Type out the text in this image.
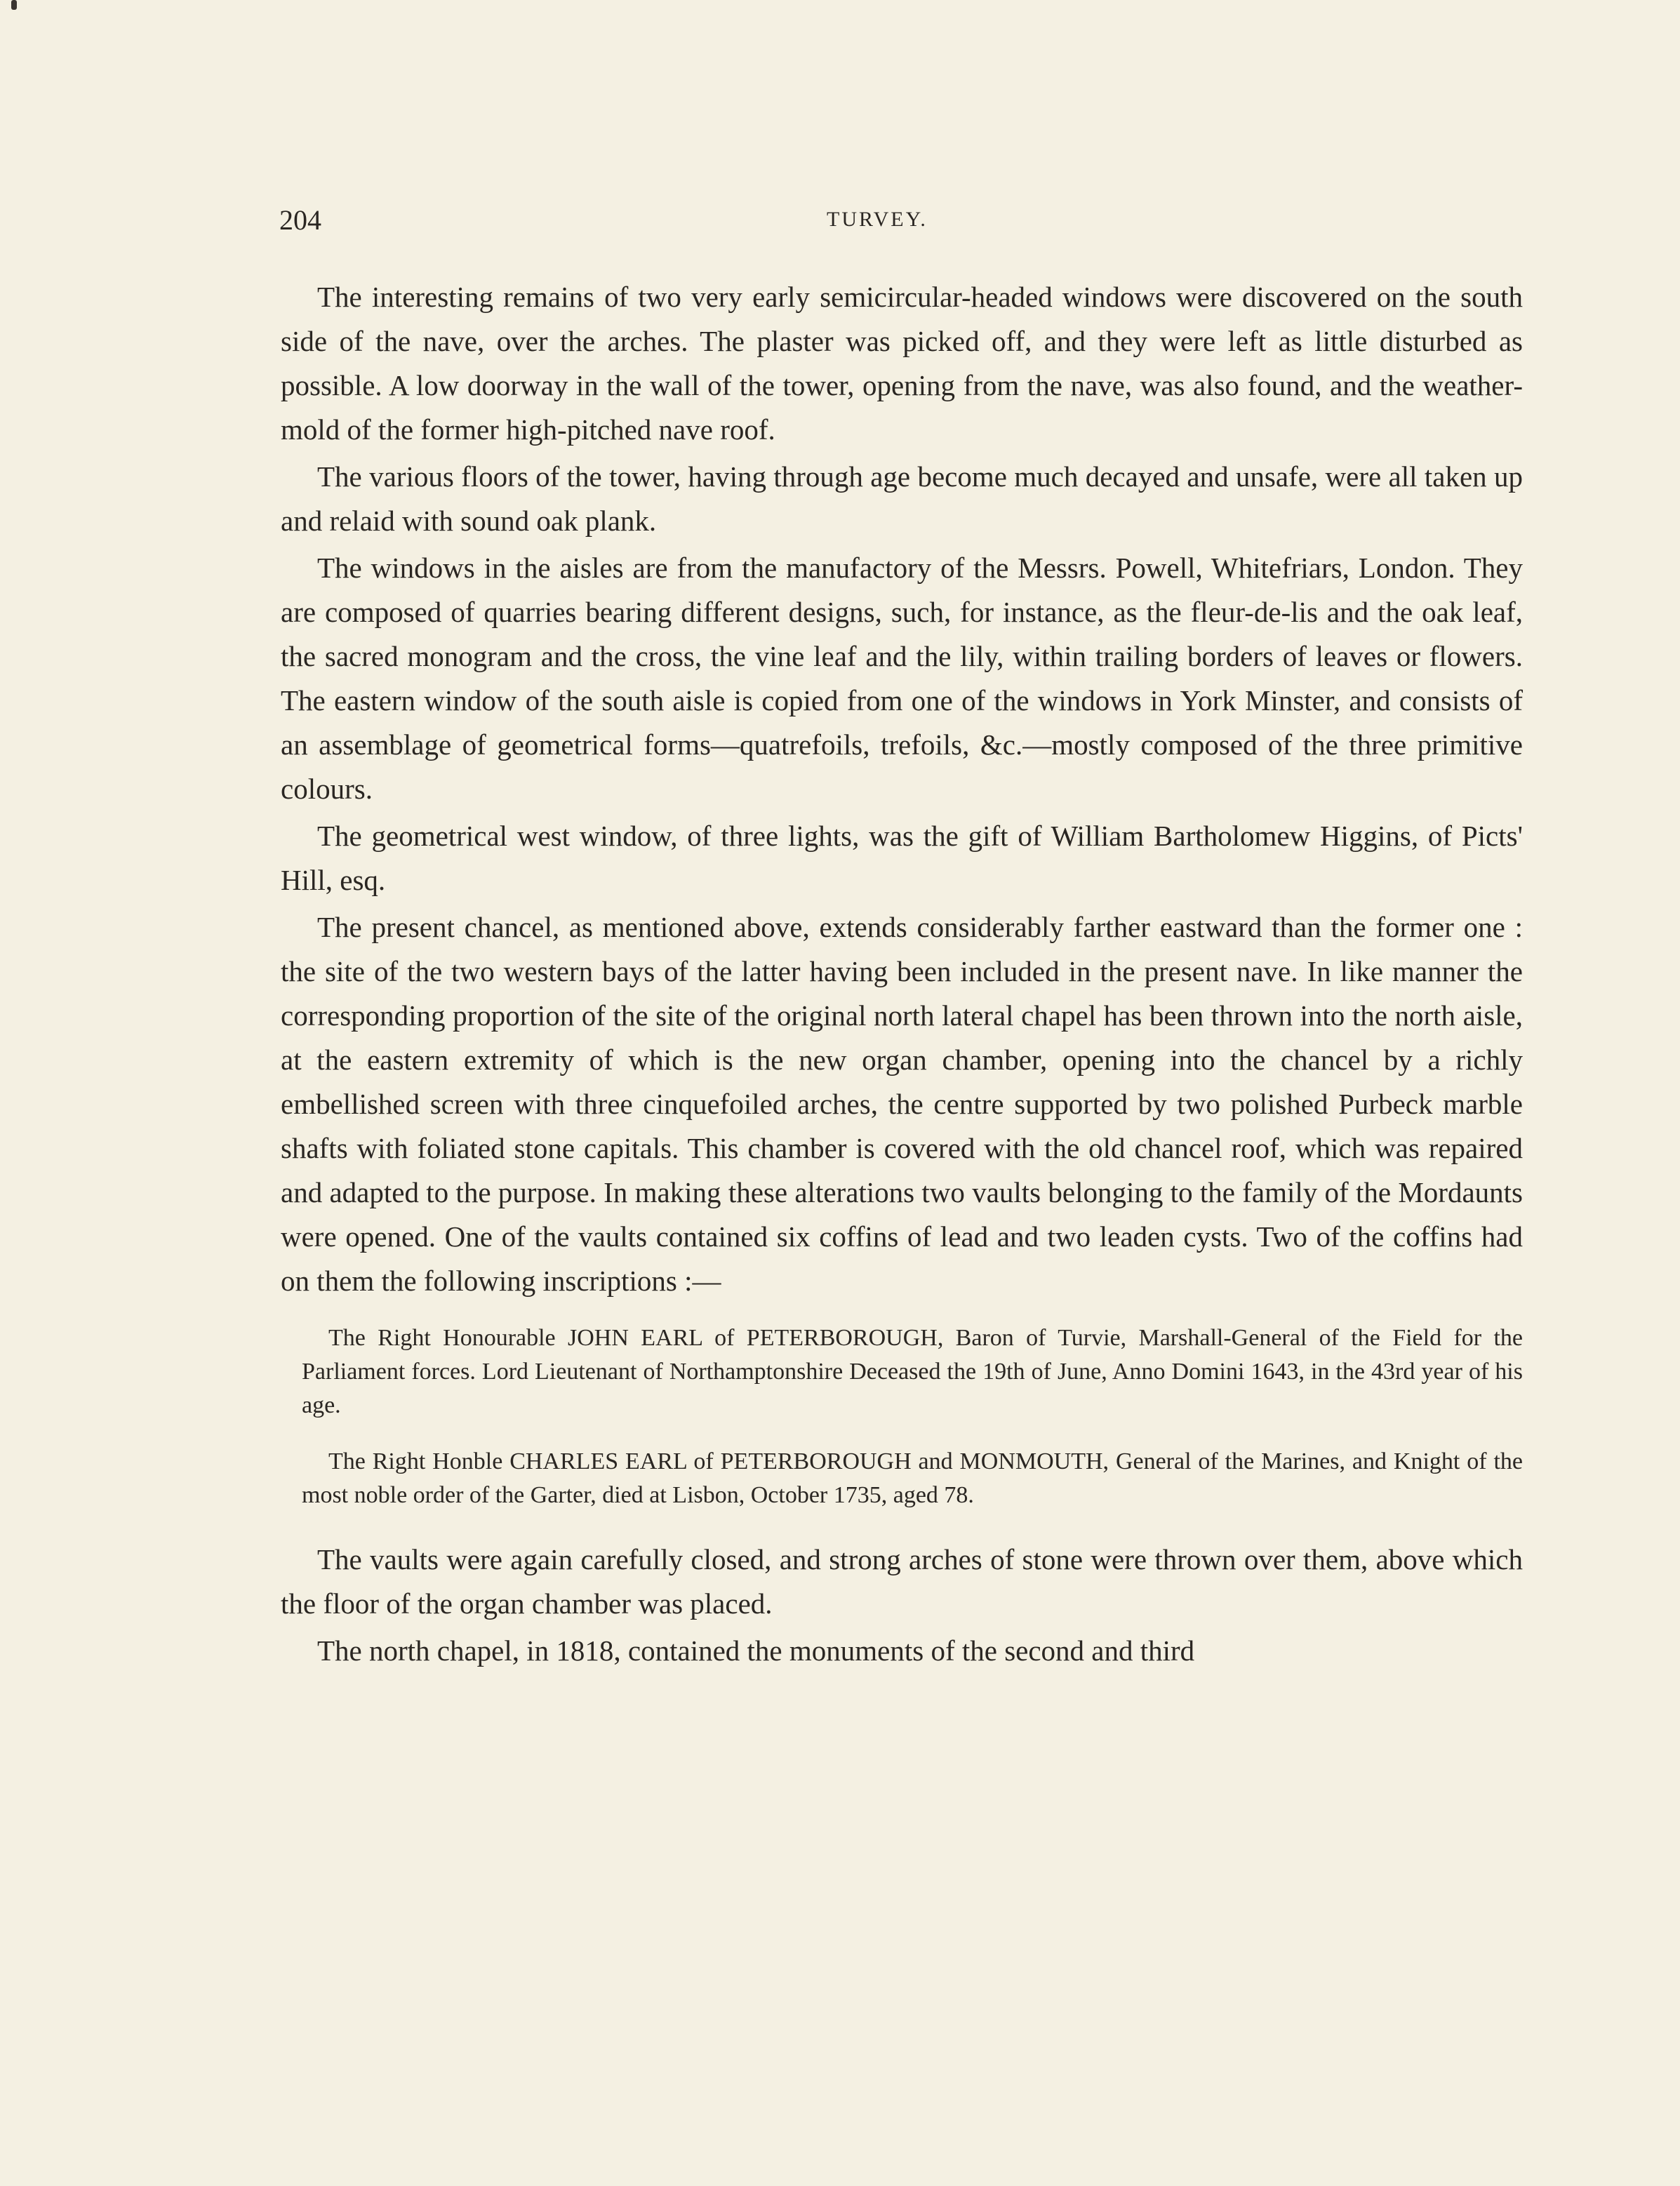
204	TURVEY.

The interesting remains of two very early semicircular-headed windows were discovered on the south side of the nave, over the arches. The plaster was picked off, and they were left as little disturbed as possible. A low doorway in the wall of the tower, opening from the nave, was also found, and the weather-mold of the former high-pitched nave roof.

The various floors of the tower, having through age become much decayed and unsafe, were all taken up and relaid with sound oak plank.

The windows in the aisles are from the manufactory of the Messrs. Powell, Whitefriars, London. They are composed of quarries bearing different designs, such, for instance, as the fleur-de-lis and the oak leaf, the sacred monogram and the cross, the vine leaf and the lily, within trailing borders of leaves or flowers. The eastern window of the south aisle is copied from one of the windows in York Minster, and consists of an assemblage of geometrical forms—quatrefoils, trefoils, &c.—mostly composed of the three primitive colours.

The geometrical west window, of three lights, was the gift of William Bartholomew Higgins, of Picts' Hill, esq.

The present chancel, as mentioned above, extends considerably farther eastward than the former one : the site of the two western bays of the latter having been included in the present nave. In like manner the corresponding proportion of the site of the original north lateral chapel has been thrown into the north aisle, at the eastern extremity of which is the new organ chamber, opening into the chancel by a richly embellished screen with three cinquefoiled arches, the centre supported by two polished Purbeck marble shafts with foliated stone capitals. This chamber is covered with the old chancel roof, which was repaired and adapted to the purpose. In making these alterations two vaults belonging to the family of the Mordaunts were opened. One of the vaults contained six coffins of lead and two leaden cysts. Two of the coffins had on them the following inscriptions :—

The Right Honourable JOHN EARL of PETERBOROUGH, Baron of Turvie, Marshall-General of the Field for the Parliament forces. Lord Lieutenant of Northamptonshire Deceased the 19th of June, Anno Domini 1643, in the 43rd year of his age.

The Right Honble CHARLES EARL of PETERBOROUGH and MONMOUTH, General of the Marines, and Knight of the most noble order of the Garter, died at Lisbon, October 1735, aged 78.

The vaults were again carefully closed, and strong arches of stone were thrown over them, above which the floor of the organ chamber was placed.

The north chapel, in 1818, contained the monuments of the second and third
